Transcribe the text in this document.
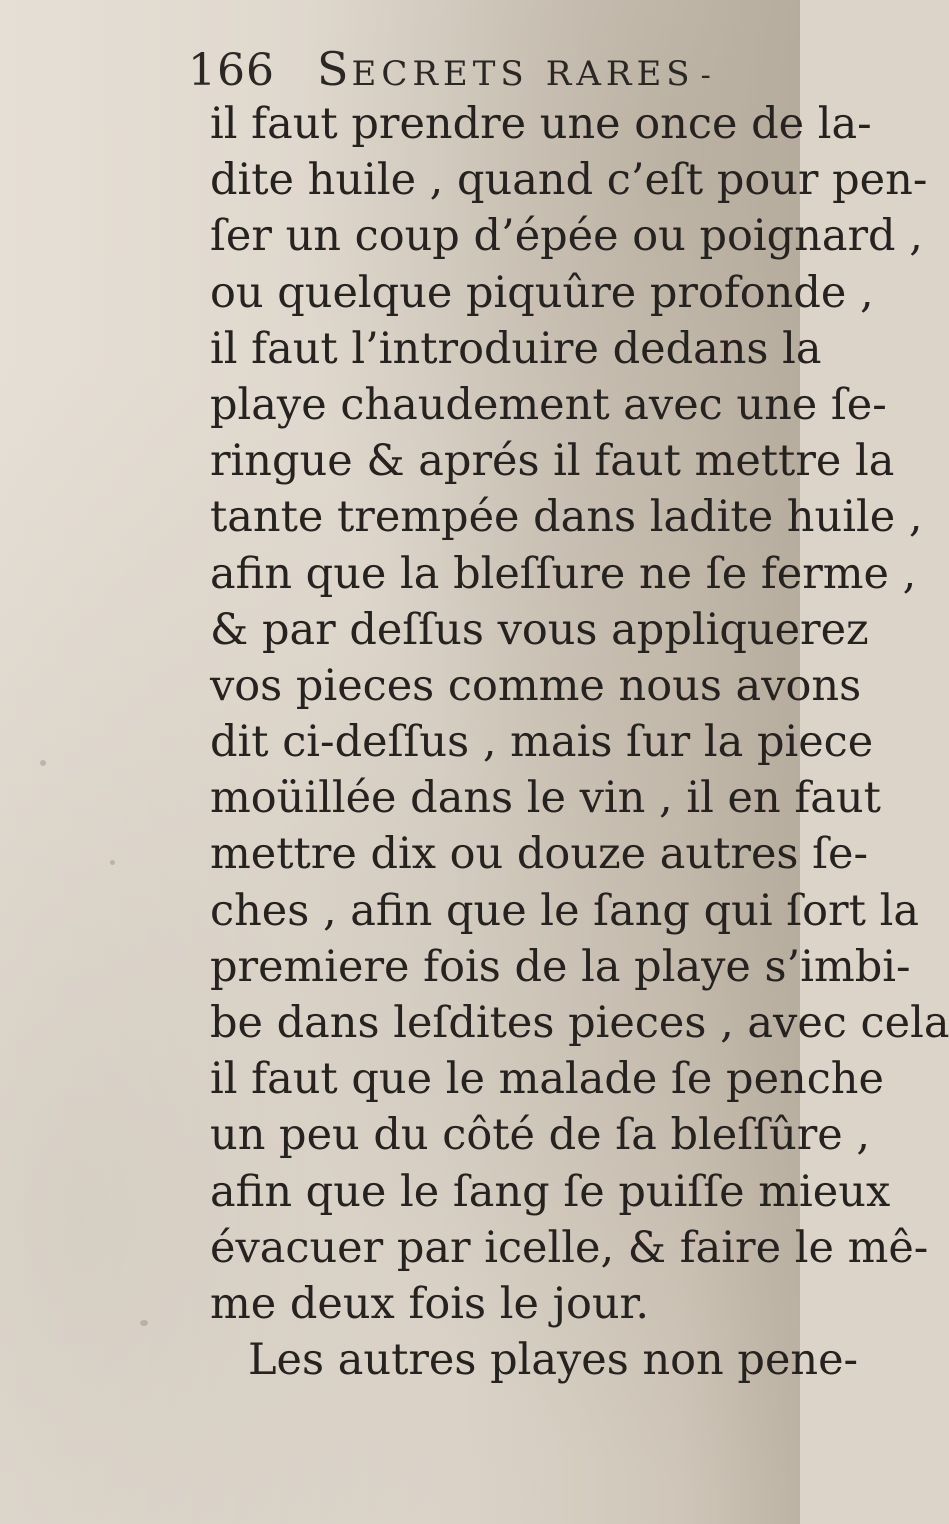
166 SECRETS RARES -
il faut prendre une once de la-
dite huile , quand c’eſt pour pen-
ſer un coup d’épée ou poignard ,
ou quelque piquûre profonde ,
il faut l’introduire dedans la
playe chaudement avec une ſe-
ringue & aprés il faut mettre la
tante trempée dans ladite huile ,
afin que la bleſſure ne ſe ferme ,
& par deſſus vous appliquerez
vos pieces comme nous avons
dit ci-deſſus , mais ſur la piece
moüillée dans le vin , il en faut
mettre dix ou douze autres ſe-
ches , afin que le ſang qui ſort la
premiere fois de la playe s’imbi-
be dans leſdites pieces , avec cela
il faut que le malade ſe penche
un peu du côté de ſa bleſſûre ,
afin que le ſang ſe puiſſe mieux
évacuer par icelle, & faire le mê-
me deux fois le jour.
Les autres playes non pene-
